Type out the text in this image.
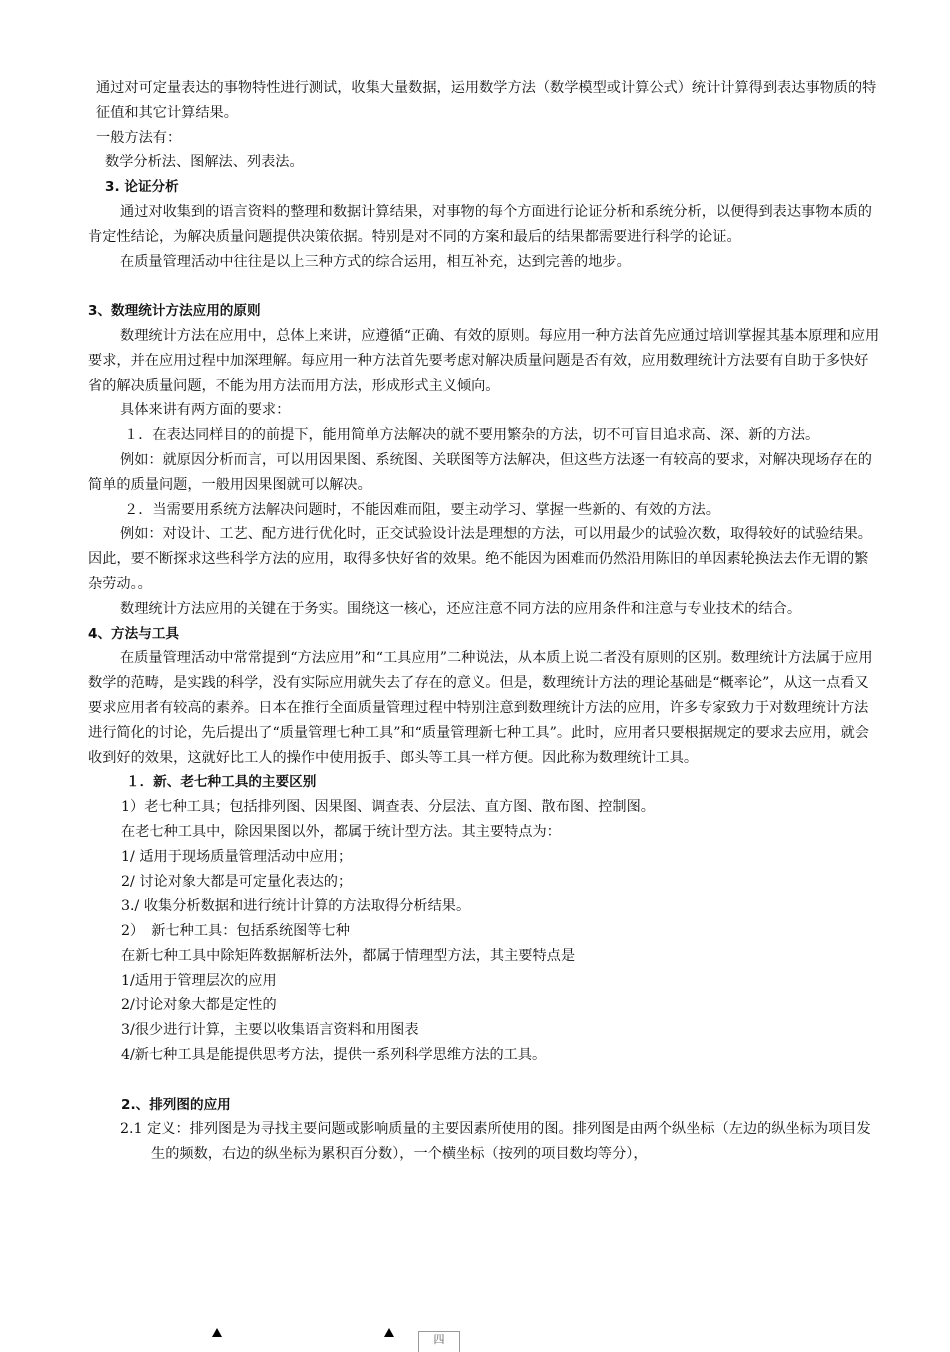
通过对可定量表达的事物特性进行测试，收集大量数据，运用数学方法（数学模型或计算公式）统计计算得到表达事物质的特征值和其它计算结果。

一般方法有：

数学分析法、图解法、列表法。

3. 论证分析

通过对收集到的语言资料的整理和数据计算结果，对事物的每个方面进行论证分析和系统分析，以便得到表达事物本质的肯定性结论，为解决质量问题提供决策依据。特别是对不同的方案和最后的结果都需要进行科学的论证。

在质量管理活动中往往是以上三种方式的综合运用，相互补充，达到完善的地步。

3、数理统计方法应用的原则

数理统计方法在应用中，总体上来讲，应遵循“正确、有效的原则。每应用一种方法首先应通过培训掌握其基本原理和应用要求，并在应用过程中加深理解。每应用一种方法首先要考虑对解决质量问题是否有效，应用数理统计方法要有自助于多快好省的解决质量问题，不能为用方法而用方法，形成形式主义倾向。

具体来讲有两方面的要求：

１．在表达同样目的的前提下，能用简单方法解决的就不要用繁杂的方法，切不可盲目追求高、深、新的方法。

例如：就原因分析而言，可以用因果图、系统图、关联图等方法解决，但这些方法逐一有较高的要求，对解决现场存在的简单的质量问题，一般用因果图就可以解决。

２．当需要用系统方法解决问题时，不能因难而阻，要主动学习、掌握一些新的、有效的方法。

例如：对设计、工艺、配方进行优化时，正交试验设计法是理想的方法，可以用最少的试验次数，取得较好的试验结果。因此，要不断探求这些科学方法的应用，取得多快好省的效果。绝不能因为困难而仍然沿用陈旧的单因素轮换法去作无谓的繁杂劳动。。

数理统计方法应用的关键在于务实。围绕这一核心，还应注意不同方法的应用条件和注意与专业技术的结合。

4、方法与工具

在质量管理活动中常常提到“方法应用”和“工具应用”二种说法，从本质上说二者没有原则的区别。数理统计方法属于应用数学的范畴，是实践的科学，没有实际应用就失去了存在的意义。但是，数理统计方法的理论基础是“概率论”，从这一点看又要求应用者有较高的素养。日本在推行全面质量管理过程中特别注意到数理统计方法的应用，许多专家致力于对数理统计方法进行简化的讨论，先后提出了“质量管理七种工具”和“质量管理新七种工具”。此时，应用者只要根据规定的要求去应用，就会收到好的效果，这就好比工人的操作中使用扳手、郎头等工具一样方便。因此称为数理统计工具。

１．新、老七种工具的主要区别

1）老七种工具；包括排列图、因果图、调查表、分层法、直方图、散布图、控制图。

在老七种工具中，除因果图以外，都属于统计型方法。其主要特点为：

1/ 适用于现场质量管理活动中应用；

2/ 讨论对象大都是可定量化表达的；

3./ 收集分析数据和进行统计计算的方法取得分析结果。

2）　新七种工具：包括系统图等七种

在新七种工具中除矩阵数据解析法外，都属于情理型方法，其主要特点是

1/适用于管理层次的应用

2/讨论对象大都是定性的

3/很少进行计算，主要以收集语言资料和用图表

4/新七种工具是能提供思考方法，提供一系列科学思维方法的工具。

2.、排列图的应用

2.1 定义：排列图是为寻找主要问题或影响质量的主要因素所使用的图。排列图是由两个纵坐标（左边的纵坐标为项目发生的频数，右边的纵坐标为累积百分数），一个横坐标（按列的项目数均等分），

四
